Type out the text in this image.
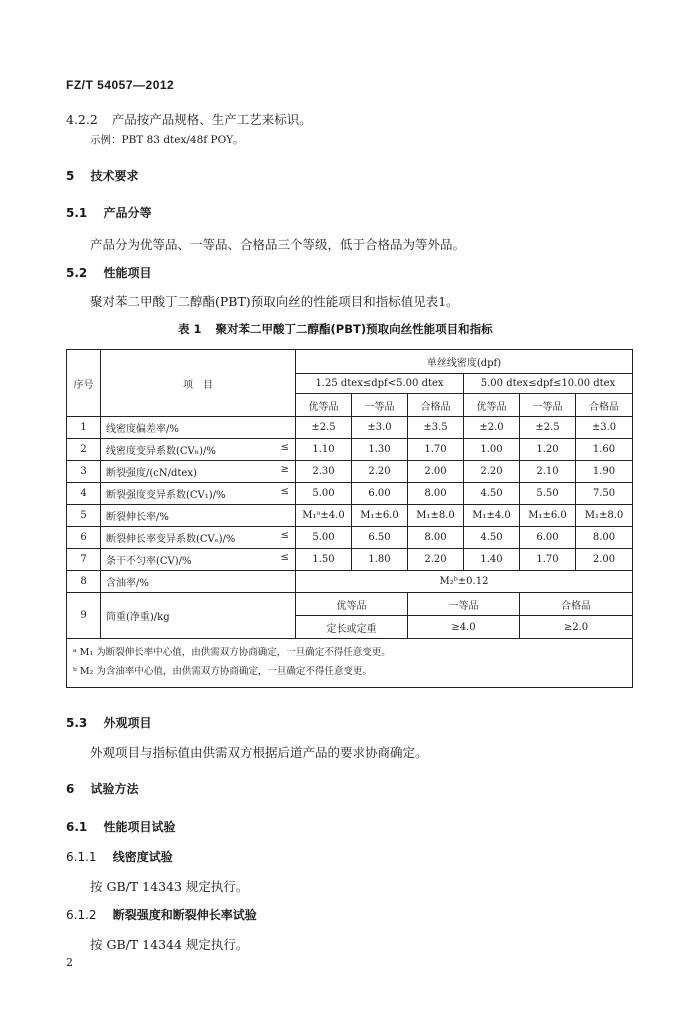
FZ/T 54057—2012
4.2.2 产品按产品规格、生产工艺来标识。
示例：PBT 83 dtex/48f POY。
5 技术要求
5.1 产品分等
产品分为优等品、一等品、合格品三个等级，低于合格品为等外品。
5.2 性能项目
聚对苯二甲酸丁二醇酯(PBT)预取向丝的性能项目和指标值见表1。
表 1 聚对苯二甲酸丁二醇酯(PBT)预取向丝性能项目和指标
序号	项　目	单丝线密度(dpf)					
		1.25 dtex≤dpf<5.00 dtex			5.00 dtex≤dpf≤10.00 dtex		
		优等品	一等品	合格品	优等品	一等品	合格品
1	线密度偏差率/%	±2.5	±3.0	±3.5	±2.0	±2.5	±3.0
2	线密度变异系数(CVₕ)/% ≤	1.10	1.30	1.70	1.00	1.20	1.60
3	断裂强度/(cN/dtex) ≥	2.30	2.20	2.00	2.20	2.10	1.90
4	断裂强度变异系数(CV₁)/% ≤	5.00	6.00	8.00	4.50	5.50	7.50
5	断裂伸长率/%	M₁ᵃ±4.0	M₁±6.0	M₁±8.0	M₁±4.0	M₁±6.0	M₁±8.0
6	断裂伸长率变异系数(CVₑ)/% ≤	5.00	6.50	8.00	4.50	6.00	8.00
7	条干不匀率(CV)/% ≤	1.50	1.80	2.20	1.40	1.70	2.00
8	含油率/%	M₂ᵇ±0.12					
9	筒重(净重)/kg	优等品		一等品		合格品	
		定长或定重		≥4.0		≥2.0	

ᵃ M₁ 为断裂伸长率中心值，由供需双方协商确定，一旦确定不得任意变更。
ᵇ M₂ 为含油率中心值，由供需双方协商确定，一旦确定不得任意变更。							
5.3 外观项目
外观项目与指标值由供需双方根据后道产品的要求协商确定。
6 试验方法
6.1 性能项目试验
6.1.1 线密度试验
按 GB/T 14343 规定执行。
6.1.2 断裂强度和断裂伸长率试验
按 GB/T 14344 规定执行。
2
